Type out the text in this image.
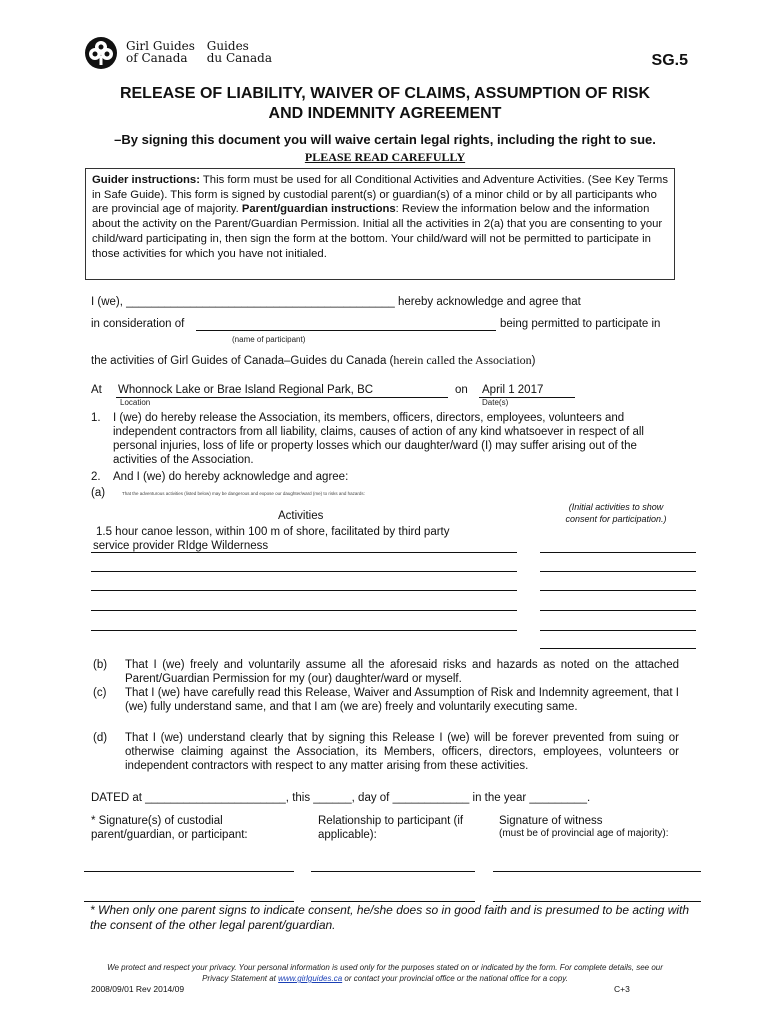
Girl Guides
of Canada Guides
du Canada	SG.5
RELEASE OF LIABILITY, WAIVER OF CLAIMS, ASSUMPTION OF RISK
AND INDEMNITY AGREEMENT
–By signing this document you will waive certain legal rights, including the right to sue.
PLEASE READ CAREFULLY
Guider instructions: This form must be used for all Conditional Activities and Adventure Activities. (See Key Terms in Safe Guide). This form is signed by custodial parent(s) or guardian(s) of a minor child or by all participants who are provincial age of majority. Parent/guardian instructions: Review the information below and the information about the activity on the Parent/Guardian Permission. Initial all the activities in 2(a) that you are consenting to your child/ward participating in, then sign the form at the bottom. Your child/ward will not be permitted to participate in those activities for which you have not initialed.
I (we), __________________________________________ hereby acknowledge and agree that
in consideration of	being permitted to participate in
(name of participant)
the activities of Girl Guides of Canada–Guides du Canada (herein called the Association)
At Whonnock Lake or Brae Island Regional Park, BC	on April 1 2017
Location	Date(s)
1. I (we) do hereby release the Association, its members, officers, directors, employees, volunteers and independent contractors from all liability, claims, causes of action of any kind whatsoever in respect of all personal injuries, loss of life or property losses which our daughter/ward (I) may suffer arising out of the activities of the Association.
2. And I (we) do hereby acknowledge and agree:
(a)	That the adventurous activities (listed below) may be dangerous and expose our daughter/ward (me) to risks and hazards:
(Initial activities to show consent for participation.)
Activities
1.5 hour canoe lesson, within 100 m of shore, facilitated by third party
service provider RIdge Wilderness
(b) That I (we) freely and voluntarily assume all the aforesaid risks and hazards as noted on the attached Parent/Guardian Permission for my (our) daughter/ward or myself.
(c) That I (we) have carefully read this Release, Waiver and Assumption of Risk and Indemnity agreement, that I (we) fully understand same, and that I am (we are) freely and voluntarily executing same.
(d) That I (we) understand clearly that by signing this Release I (we) will be forever prevented from suing or otherwise claiming against the Association, its Members, officers, directors, employees, volunteers or independent contractors with respect to any matter arising from these activities.
DATED at ______________________, this ______, day of ____________ in the year _________.
* Signature(s) of custodial parent/guardian, or participant:
Relationship to participant (if applicable):
Signature of witness
(must be of provincial age of majority):
* When only one parent signs to indicate consent, he/she does so in good faith and is presumed to be acting with the consent of the other legal parent/guardian.
We protect and respect your privacy. Your personal information is used only for the purposes stated on or indicated by the form. For complete details, see our Privacy Statement at www.girlguides.ca or contact your provincial office or the national office for a copy.
2008/09/01 Rev 2014/09	C+3
